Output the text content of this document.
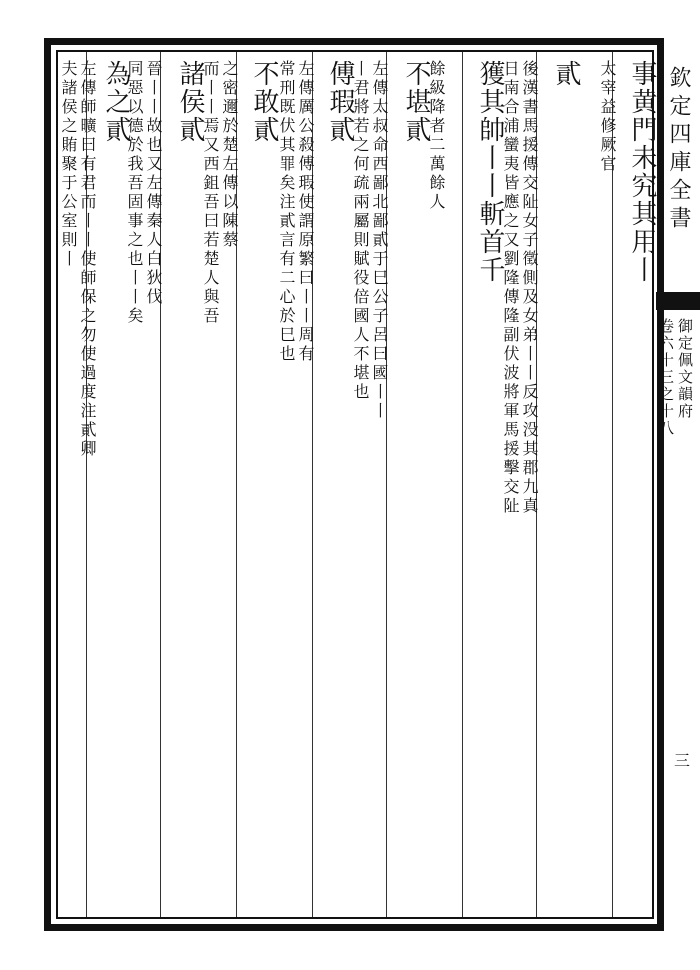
事黄門未究其用丨
太宰益修厥官
貳
後漢書馬援傳交阯女子徵側及女弟丨丨反攻没其郡九真
日南合浦蠻夷皆應之又劉隆傳隆副伏波將軍馬援擊交阯
獲其帥丨丨斬首千
餘級降者二萬餘人
不堪貳
左傳太叔命西鄙北鄙貳于巳公子呂曰國丨丨
丨君將若之何疏兩屬則賦役倍國人不堪也
傅瑕貳
左傳厲公殺傅瑕使謂原繁曰丨丨周有
常刑既伏其罪矣注貳言有二心於巳也
不敢貳
之密邇於楚左傳以陳蔡
而丨丨焉又西鉏吾曰若楚人與吾
諸侯貳
晉丨丨故也又左傳秦人白狄伐
同惡以德於我吾固事之也丨丨矣
為之貳
左傳師曠曰有君而丨丨使師保之勿使過度注貳卿
夫諸侯之賄聚于公室則丨	欽定四庫全書
御定佩文韻府
卷六十三之十八
三
